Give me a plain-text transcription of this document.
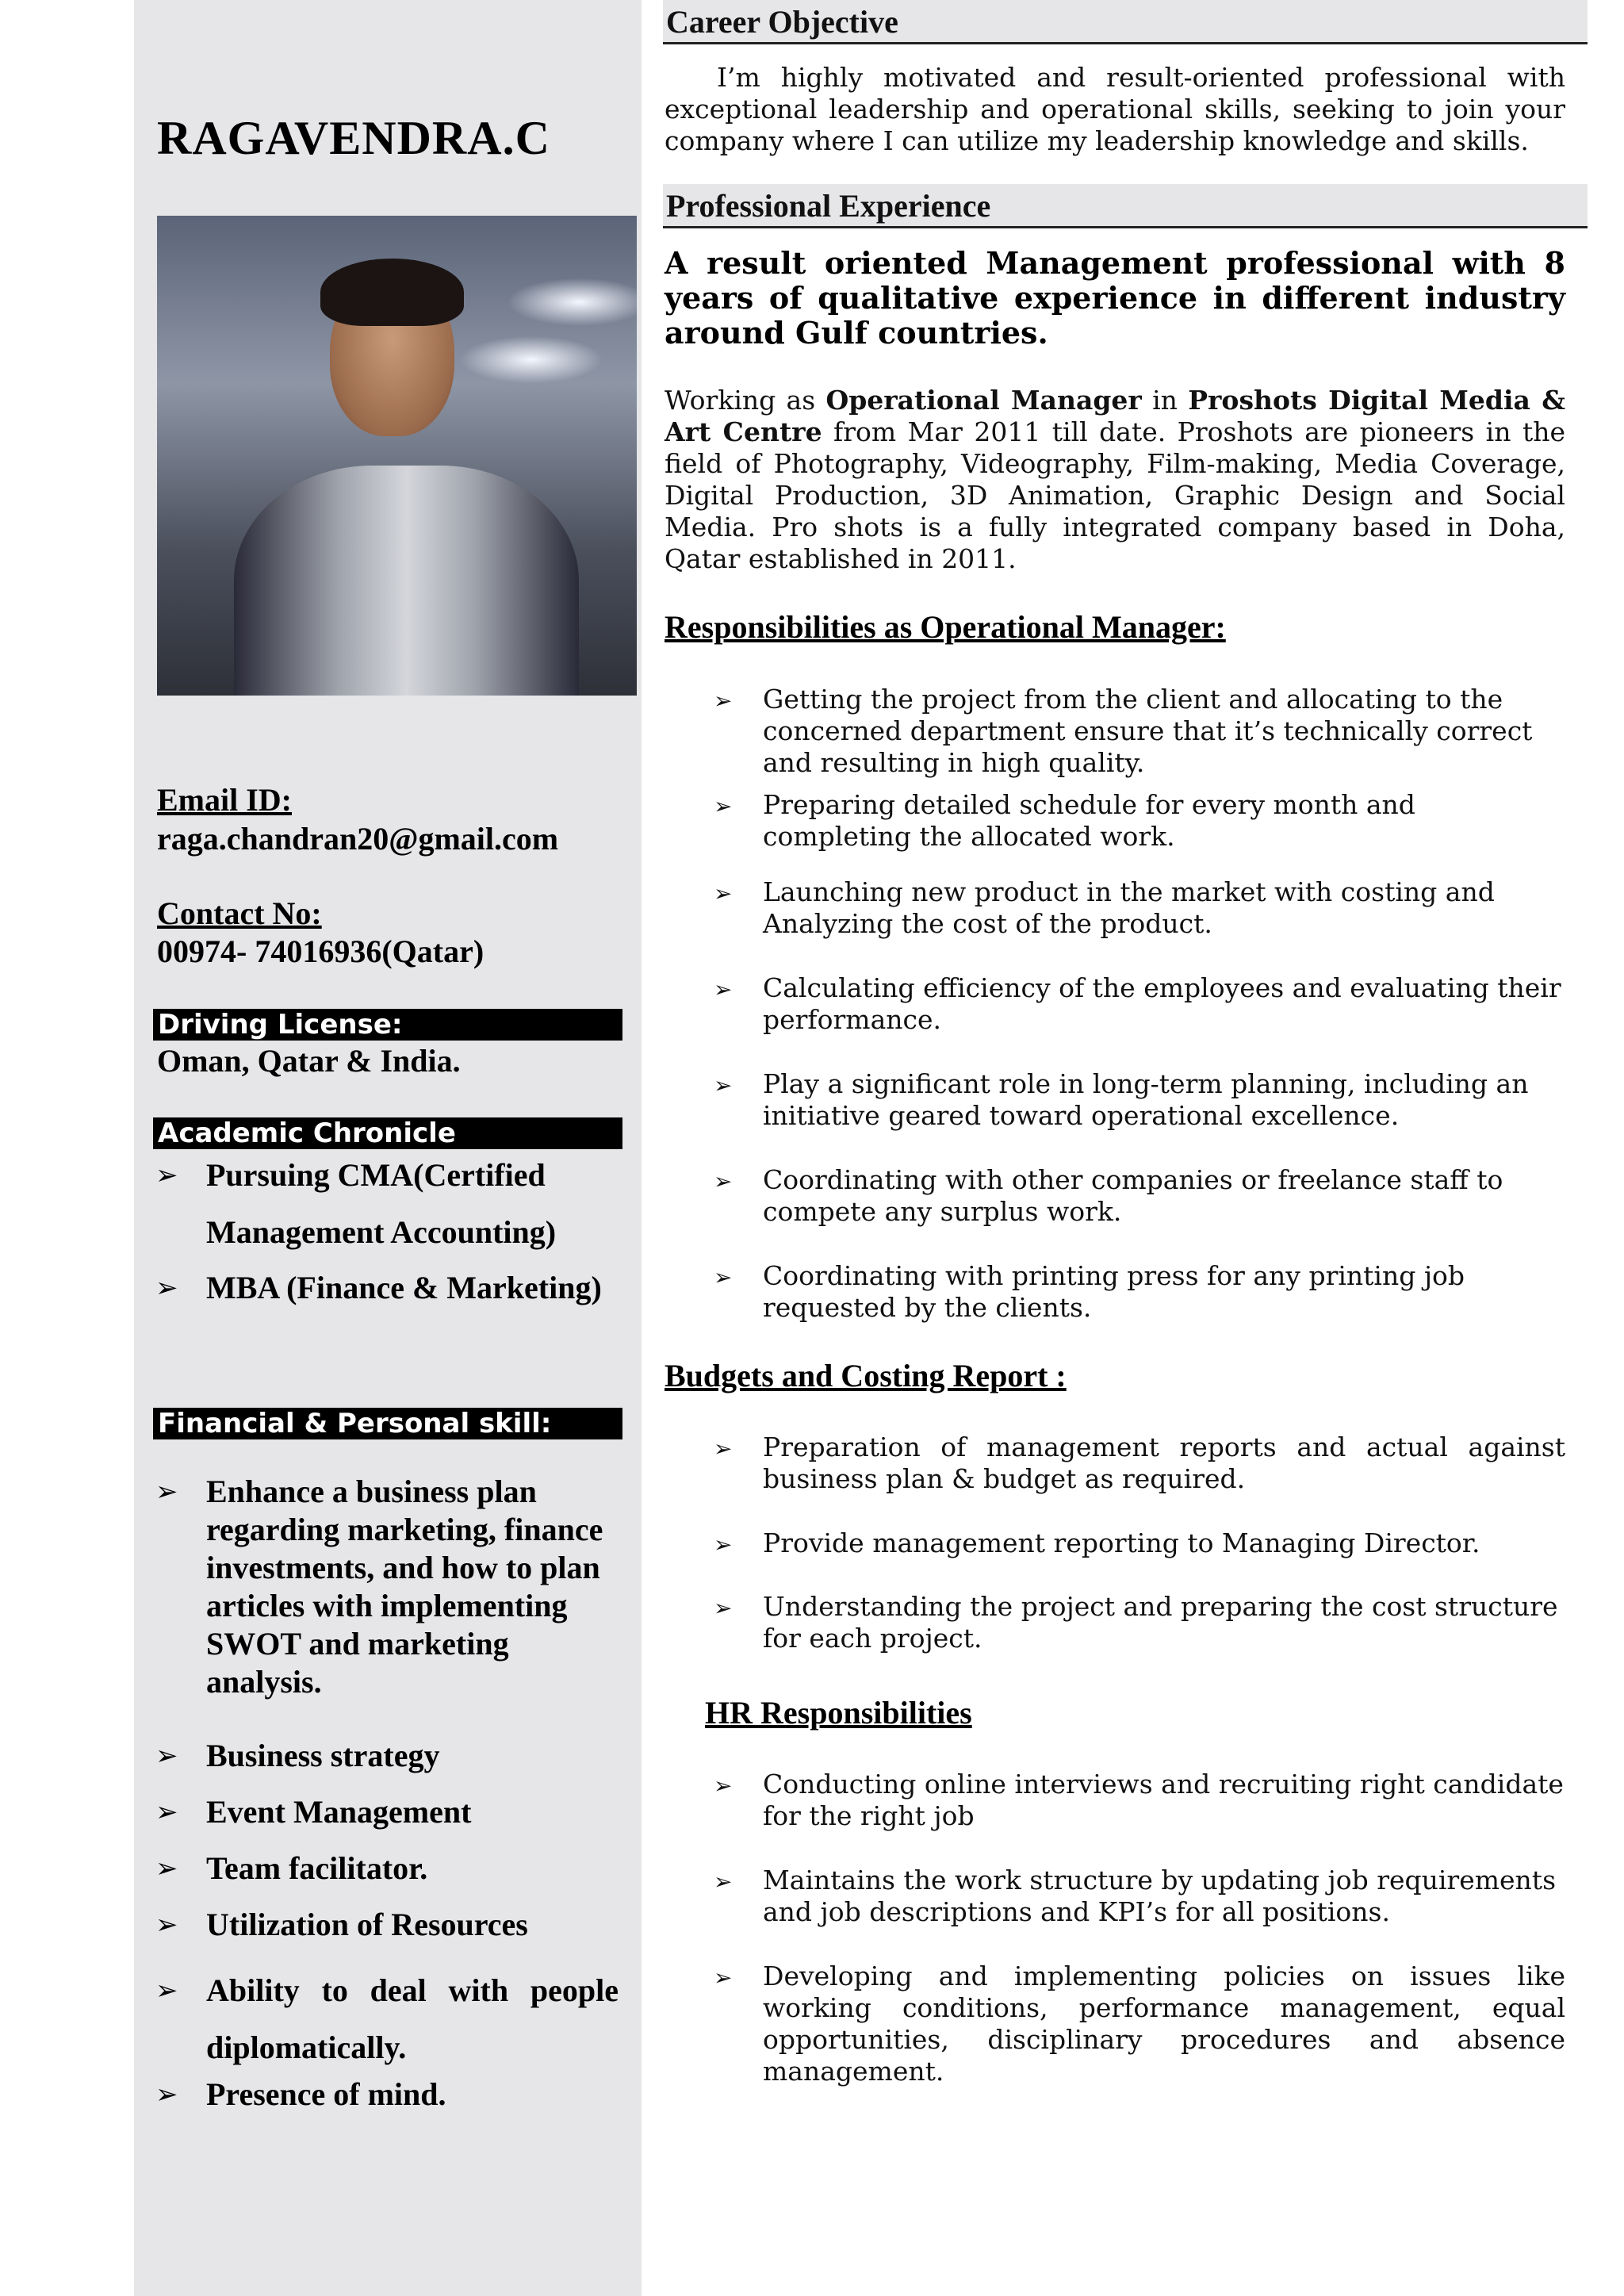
RAGAVENDRA.C
Email ID:
raga.chandran20@gmail.com
Contact No:
00974- 74016936(Qatar)
Driving License:
Oman, Qatar & India.
Academic Chronicle
➢ Pursuing CMA(Certified Management Accounting)
➢ MBA (Finance & Marketing)
Financial & Personal skill:
➢ Enhance a business plan regarding marketing, finance investments, and how to plan articles with implementing SWOT and marketing analysis.
➢ Business strategy
➢ Event Management
➢ Team facilitator.
➢ Utilization of Resources
➢ Ability to deal with people diplomatically.
➢ Presence of mind.
Career Objective
I’m highly motivated and result-oriented professional with exceptional leadership and operational skills, seeking to join your company where I can utilize my leadership knowledge and skills.
Professional Experience
A result oriented Management professional with 8 years of qualitative experience in different industry around Gulf countries.
Working as Operational Manager in Proshots Digital Media & Art Centre from Mar 2011 till date. Proshots are pioneers in the field of Photography, Videography, Film-making, Media Coverage, Digital Production, 3D Animation, Graphic Design and Social Media. Pro shots is a fully integrated company based in Doha, Qatar established in 2011.
Responsibilities as Operational Manager:
➢ Getting the project from the client and allocating to the concerned department ensure that it’s technically correct and resulting in high quality.
➢ Preparing detailed schedule for every month and completing the allocated work.
➢ Launching new product in the market with costing and Analyzing the cost of the product.
➢ Calculating efficiency of the employees and evaluating their performance.
➢ Play a significant role in long-term planning, including an initiative geared toward operational excellence.
➢ Coordinating with other companies or freelance staff to compete any surplus work.
➢ Coordinating with printing press for any printing job requested by the clients.
Budgets and Costing Report :
➢ Preparation of management reports and actual against business plan & budget as required.
➢ Provide management reporting to Managing Director.
➢ Understanding the project and preparing the cost structure for each project.
HR Responsibilities
➢ Conducting online interviews and recruiting right candidate for the right job
➢ Maintains the work structure by updating job requirements and job descriptions and KPI’s for all positions.
➢ Developing and implementing policies on issues like working conditions, performance management, equal opportunities, disciplinary procedures and absence management.
